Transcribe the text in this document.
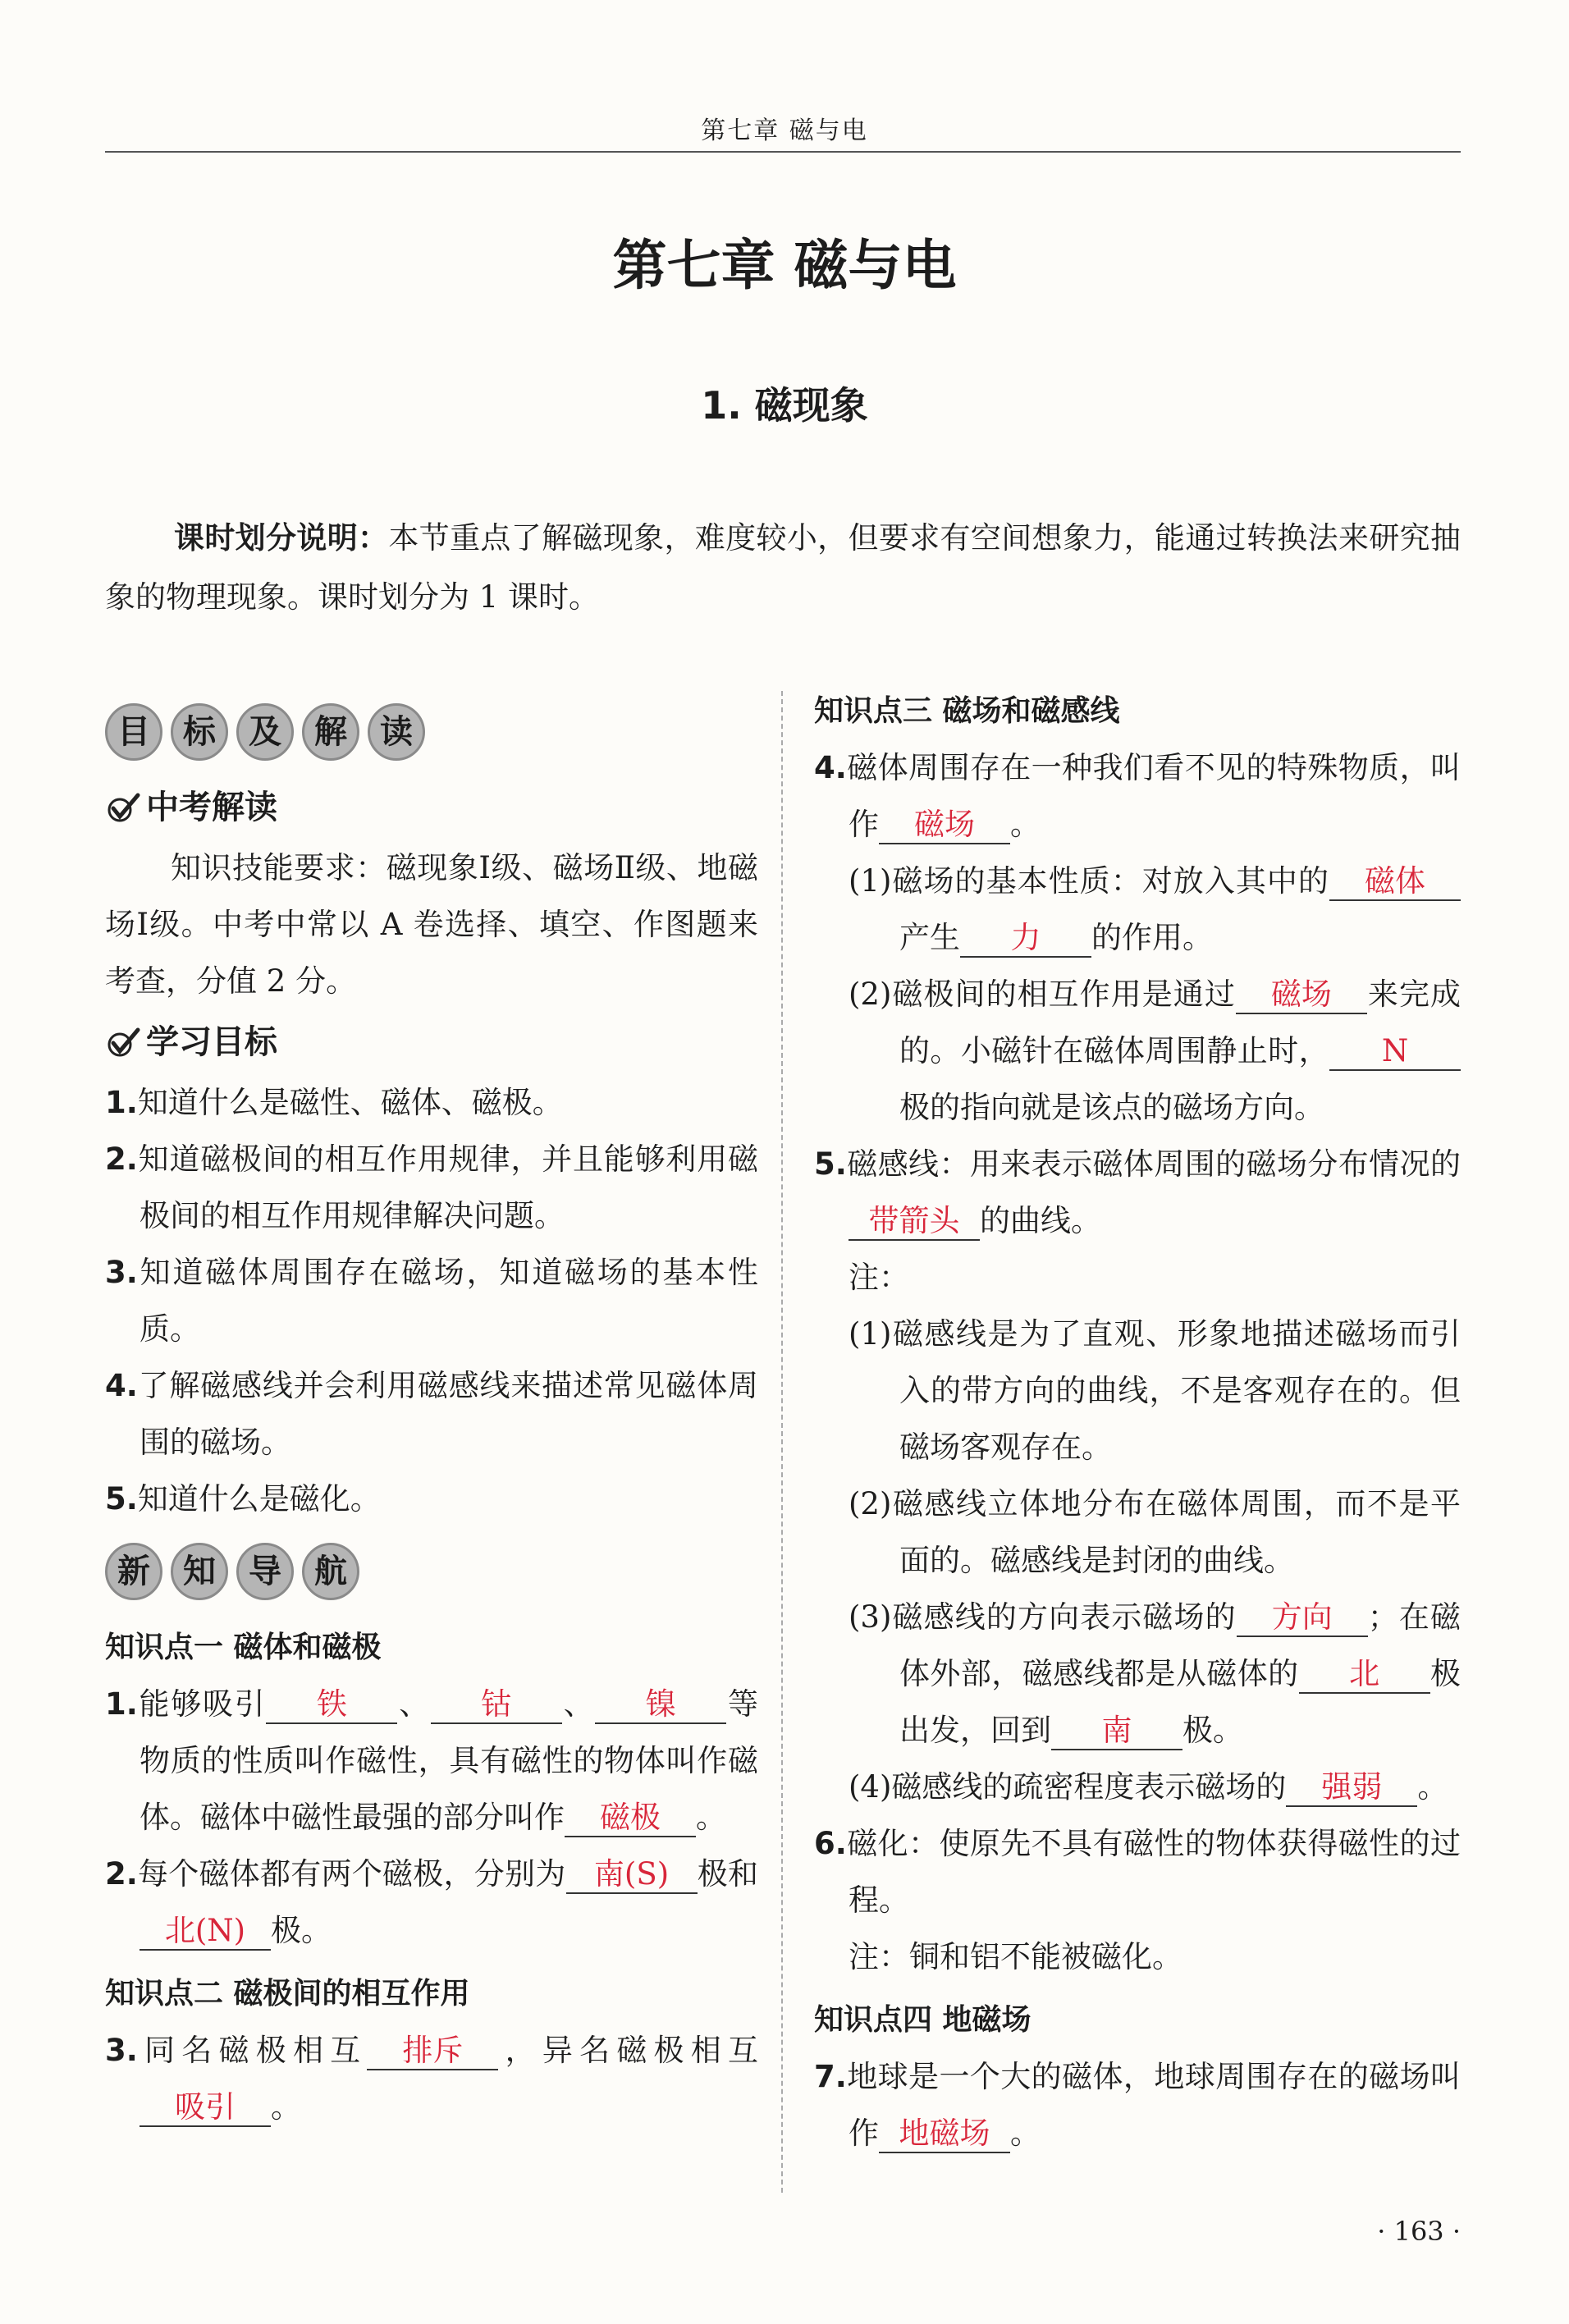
第七章 磁与电
第七章 磁与电
1. 磁现象
课时划分说明：本节重点了解磁现象，难度较小，但要求有空间想象力，能通过转换法来研究抽象的物理现象。课时划分为 1 课时。
目	标	及	解	读
中考解读
知识技能要求：磁现象Ⅰ级、磁场Ⅱ级、地磁场Ⅰ级。中考中常以 A 卷选择、填空、作图题来考查，分值 2 分。
学习目标
1.知道什么是磁性、磁体、磁极。
2.知道磁极间的相互作用规律，并且能够利用磁极间的相互作用规律解决问题。
3.知道磁体周围存在磁场，知道磁场的基本性质。
4.了解磁感线并会利用磁感线来描述常见磁体周围的磁场。
5.知道什么是磁化。
新	知	导	航
知识点一 磁体和磁极
1.能够吸引 铁 、 钴 、 镍 等物质的性质叫作磁性，具有磁性的物体叫作磁体。磁体中磁性最强的部分叫作 磁极 。
2.每个磁体都有两个磁极，分别为 南(S) 极和北(N) 极。
知识点二 磁极间的相互作用
3.同名磁极相互 排斥 ，异名磁极相互吸引 。
知识点三 磁场和磁感线
4.磁体周围存在一种我们看不见的特殊物质，叫作 磁场 。
(1)磁场的基本性质：对放入其中的 磁体产生 力 的作用。
(2)磁极间的相互作用是通过 磁场 来完成的。小磁针在磁体周围静止时， N极的指向就是该点的磁场方向。
5.磁感线：用来表示磁体周围的磁场分布情况的带箭头 的曲线。
注：
(1)磁感线是为了直观、形象地描述磁场而引入的带方向的曲线，不是客观存在的。但磁场客观存在。
(2)磁感线立体地分布在磁体周围，而不是平面的。磁感线是封闭的曲线。
(3)磁感线的方向表示磁场的 方向 ；在磁体外部，磁感线都是从磁体的 北 极出发，回到 南 极。
(4)磁感线的疏密程度表示磁场的 强弱 。
6.磁化：使原先不具有磁性的物体获得磁性的过程。
注：铜和铝不能被磁化。
知识点四 地磁场
7.地球是一个大的磁体，地球周围存在的磁场叫作 地磁场 。
· 163 ·
